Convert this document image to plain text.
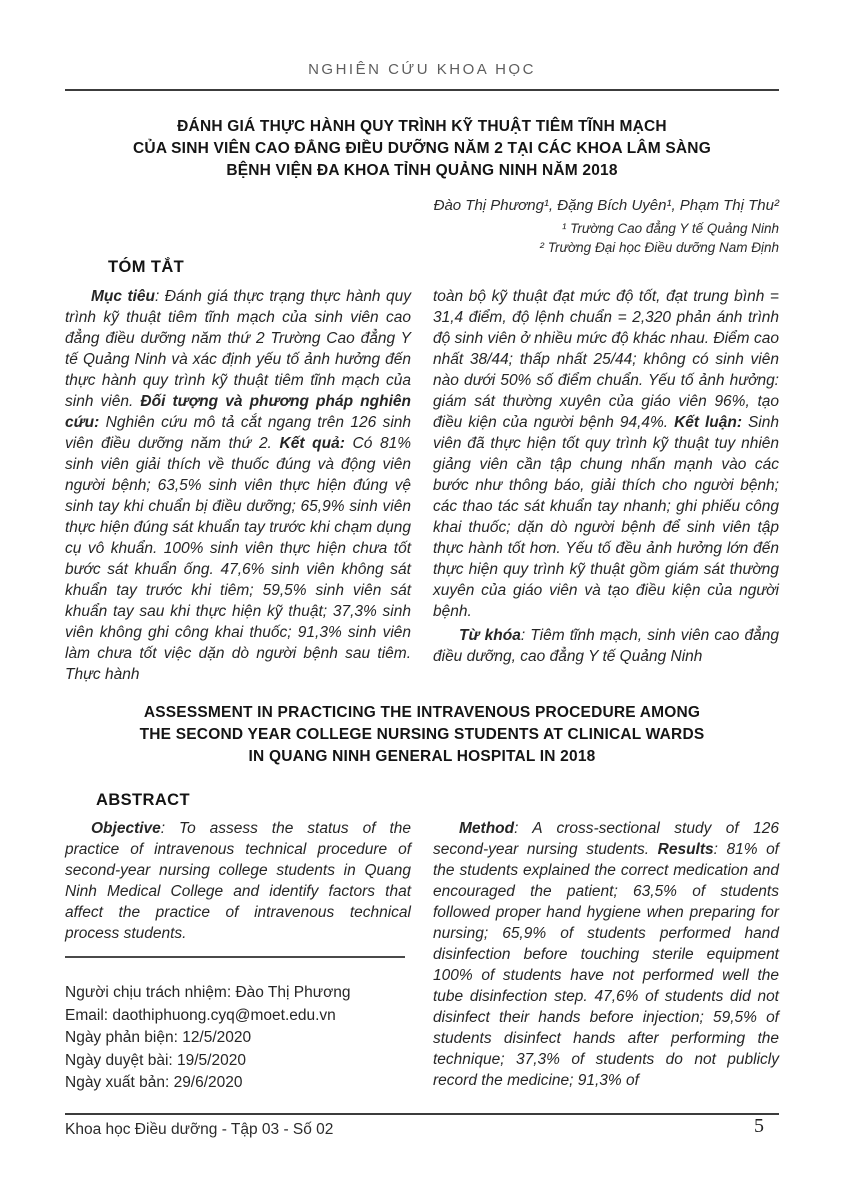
NGHIÊN CỨU KHOA HỌC
ĐÁNH GIÁ THỰC HÀNH QUY TRÌNH KỸ THUẬT TIÊM TĨNH MẠCH
CỦA SINH VIÊN CAO ĐẲNG ĐIỀU DƯỠNG NĂM 2 TẠI CÁC KHOA LÂM SÀNG
BỆNH VIỆN ĐA KHOA TỈNH QUẢNG NINH NĂM 2018
Đào Thị Phương¹, Đặng Bích Uyên¹, Phạm Thị Thu²
¹ Trường Cao đẳng Y tế Quảng Ninh
² Trường Đại học Điều dưỡng Nam Định
TÓM TẮT

Mục tiêu: Đánh giá thực trạng thực hành quy trình kỹ thuật tiêm tĩnh mạch của sinh viên cao đẳng điều dưỡng năm thứ 2 Trường Cao đẳng Y tế Quảng Ninh và xác định yếu tố ảnh hưởng đến thực hành quy trình kỹ thuật tiêm tĩnh mạch của sinh viên. Đối tượng và phương pháp nghiên cứu: Nghiên cứu mô tả cắt ngang trên 126 sinh viên điều dưỡng năm thứ 2. Kết quả: Có 81% sinh viên giải thích về thuốc đúng và động viên người bệnh; 63,5% sinh viên thực hiện đúng vệ sinh tay khi chuẩn bị điều dưỡng; 65,9% sinh viên thực hiện đúng sát khuẩn tay trước khi chạm dụng cụ vô khuẩn. 100% sinh viên thực hiện chưa tốt bước sát khuẩn ống. 47,6% sinh viên không sát khuẩn tay trước khi tiêm; 59,5% sinh viên sát khuẩn tay sau khi thực hiện kỹ thuật; 37,3% sinh viên không ghi công khai thuốc; 91,3% sinh viên làm chưa tốt việc dặn dò người bệnh sau tiêm. Thực hành

toàn bộ kỹ thuật đạt mức độ tốt, đạt trung bình = 31,4 điểm, độ lệnh chuẩn = 2,320 phản ánh trình độ sinh viên ở nhiều mức độ khác nhau. Điểm cao nhất 38/44; thấp nhất 25/44; không có sinh viên nào dưới 50% số điểm chuẩn. Yếu tố ảnh hưởng: giám sát thường xuyên của giáo viên 96%, tạo điều kiện của người bệnh 94,4%. Kết luận: Sinh viên đã thực hiện tốt quy trình kỹ thuật tuy nhiên giảng viên cần tập chung nhấn mạnh vào các bước như thông báo, giải thích cho người bệnh; các thao tác sát khuẩn tay nhanh; ghi phiếu công khai thuốc; dặn dò người bệnh để sinh viên tập thực hành tốt hơn. Yếu tố đều ảnh hưởng lớn đến thực hiện quy trình kỹ thuật gồm giám sát thường xuyên của giáo viên và tạo điều kiện của người bệnh.

Từ khóa: Tiêm tĩnh mạch, sinh viên cao đẳng điều dưỡng, cao đẳng Y tế Quảng Ninh

ASSESSMENT IN PRACTICING THE INTRAVENOUS PROCEDURE AMONG
THE SECOND YEAR COLLEGE NURSING STUDENTS AT CLINICAL WARDS
IN QUANG NINH GENERAL HOSPITAL IN 2018
ABSTRACT

Objective: To assess the status of the practice of intravenous technical procedure of second-year nursing college students in Quang Ninh Medical College and identify factors that affect the practice of intravenous technical process students.

Method: A cross-sectional study of 126 second-year nursing students. Results: 81% of the students explained the correct medication and encouraged the patient; 63,5% of students followed proper hand hygiene when preparing for nursing; 65,9% of students performed hand disinfection before touching sterile equipment 100% of students have not performed well the tube disinfection step. 47,6% of students did not disinfect their hands before injection; 59,5% of students disinfect hands after performing the technique; 37,3% of students do not publicly record the medicine; 91,3% of

Người chịu trách nhiệm: Đào Thị Phương
Email: daothiphuong.cyq@moet.edu.vn
Ngày phản biện: 12/5/2020
Ngày duyệt bài: 19/5/2020
Ngày xuất bản: 29/6/2020
Khoa học Điều dưỡng - Tập 03 - Số 02	5
